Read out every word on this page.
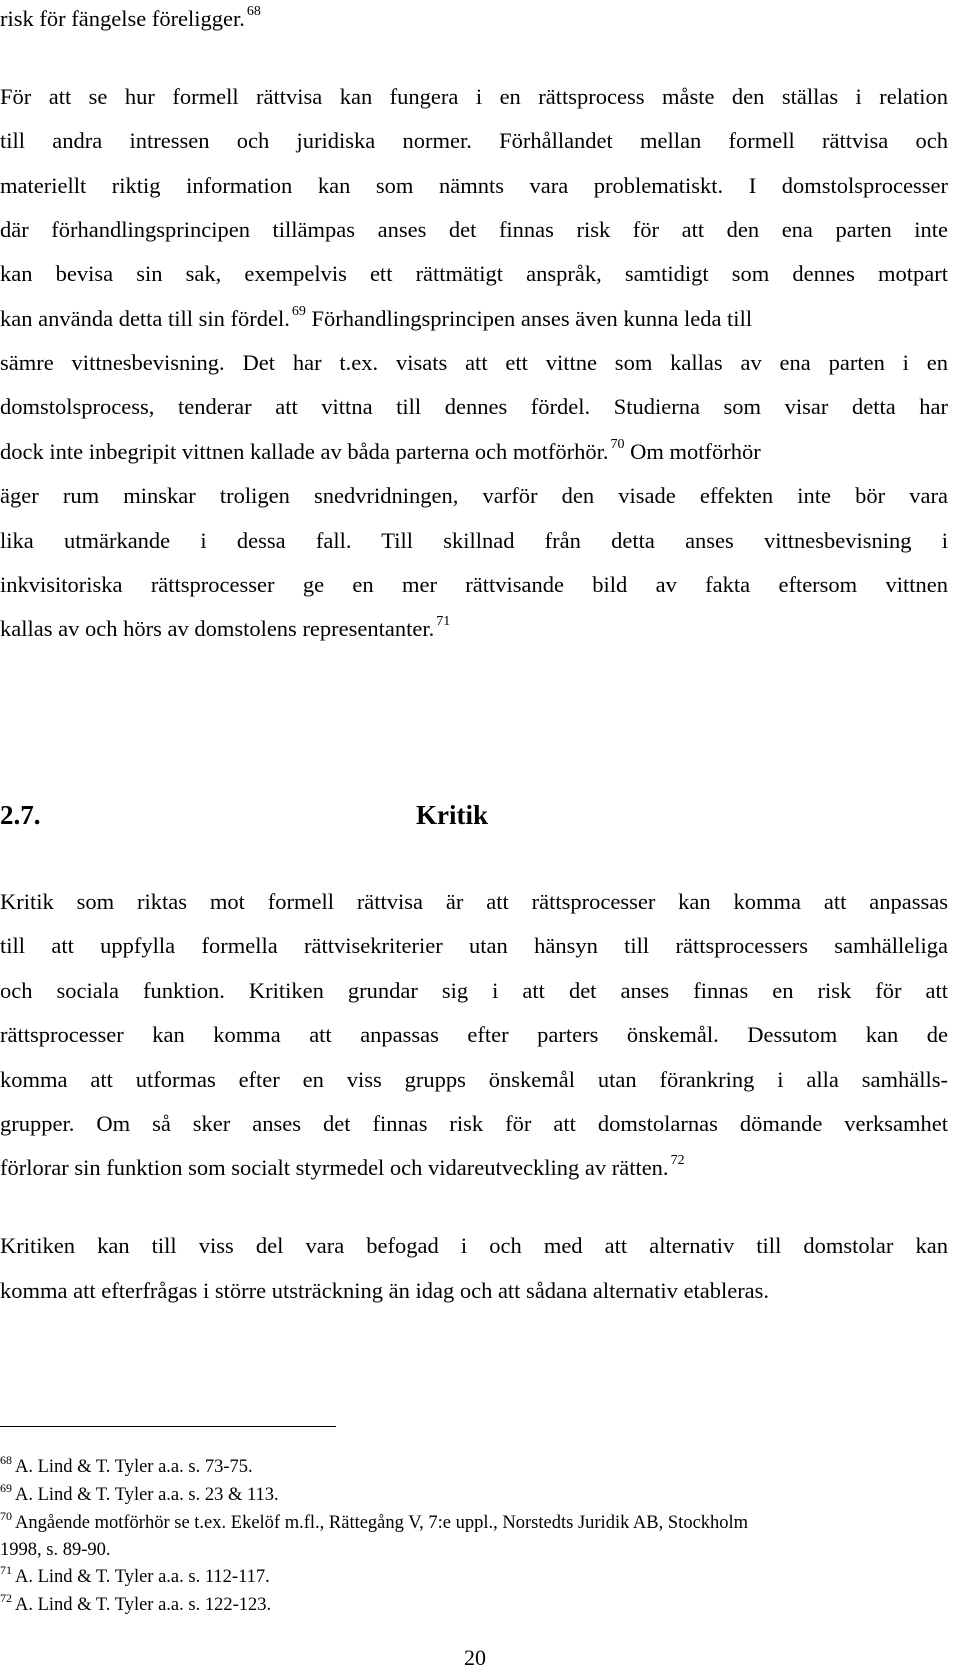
risk för fängelse föreligger. $^{68}$
För att se hur formell rättvisa kan fungera i en rättsprocess måste den ställas i relation
till andra intressen och juridiska normer. Förhållandet mellan formell rättvisa och
materiellt riktig information kan som nämnts vara problematiskt. I domstolsprocesser
där förhandlingsprincipen tillämpas anses det finnas risk för att den ena parten inte
kan bevisa sin sak, exempelvis ett rättmätigt anspråk, samtidigt som dennes motpart
kan använda detta till sin fördel. $^{69}$ Förhandlingsprincipen anses även kunna leda till
sämre vittnesbevisning. Det har t.ex. visats att ett vittne som kallas av ena parten i en
domstolsprocess, tenderar att vittna till dennes fördel. Studierna som visar detta har
dock inte inbegripit vittnen kallade av båda parterna och motförhör. $^{70}$ Om motförhör
äger rum minskar troligen snedvridningen, varför den visade effekten inte bör vara
lika utmärkande i dessa fall. Till skillnad från detta anses vittnesbevisning i
inkvisitoriska rättsprocesser ge en mer rättvisande bild av fakta eftersom vittnen
kallas av och hörs av domstolens representanter. $^{71}$
2.7.	Kritik
Kritik som riktas mot formell rättvisa är att rättsprocesser kan komma att anpassas
till att uppfylla formella rättvisekriterier utan hänsyn till rättsprocessers samhälleliga
och sociala funktion. Kritiken grundar sig i att det anses finnas en risk för att
rättsprocesser kan komma att anpassas efter parters önskemål. Dessutom kan de
komma att utformas efter en viss grupps önskemål utan förankring i alla samhälls-
grupper. Om så sker anses det finnas risk för att domstolarnas dömande verksamhet
förlorar sin funktion som socialt styrmedel och vidareutveckling av rätten. $^{72}$
Kritiken kan till viss del vara befogad i och med att alternativ till domstolar kan
komma att efterfrågas i större utsträckning än idag och att sådana alternativ etableras.
$^{68}$ A. Lind & T. Tyler a.a. s. 73-75.
$^{69}$ A. Lind & T. Tyler a.a. s. 23 & 113.
$^{70}$ Angående motförhör se t.ex. Ekelöf m.fl., Rättegång V, 7:e uppl., Norstedts Juridik AB, Stockholm
1998, s. 89-90.
$^{71}$ A. Lind & T. Tyler a.a. s. 112-117.
$^{72}$ A. Lind & T. Tyler a.a. s. 122-123.
20
